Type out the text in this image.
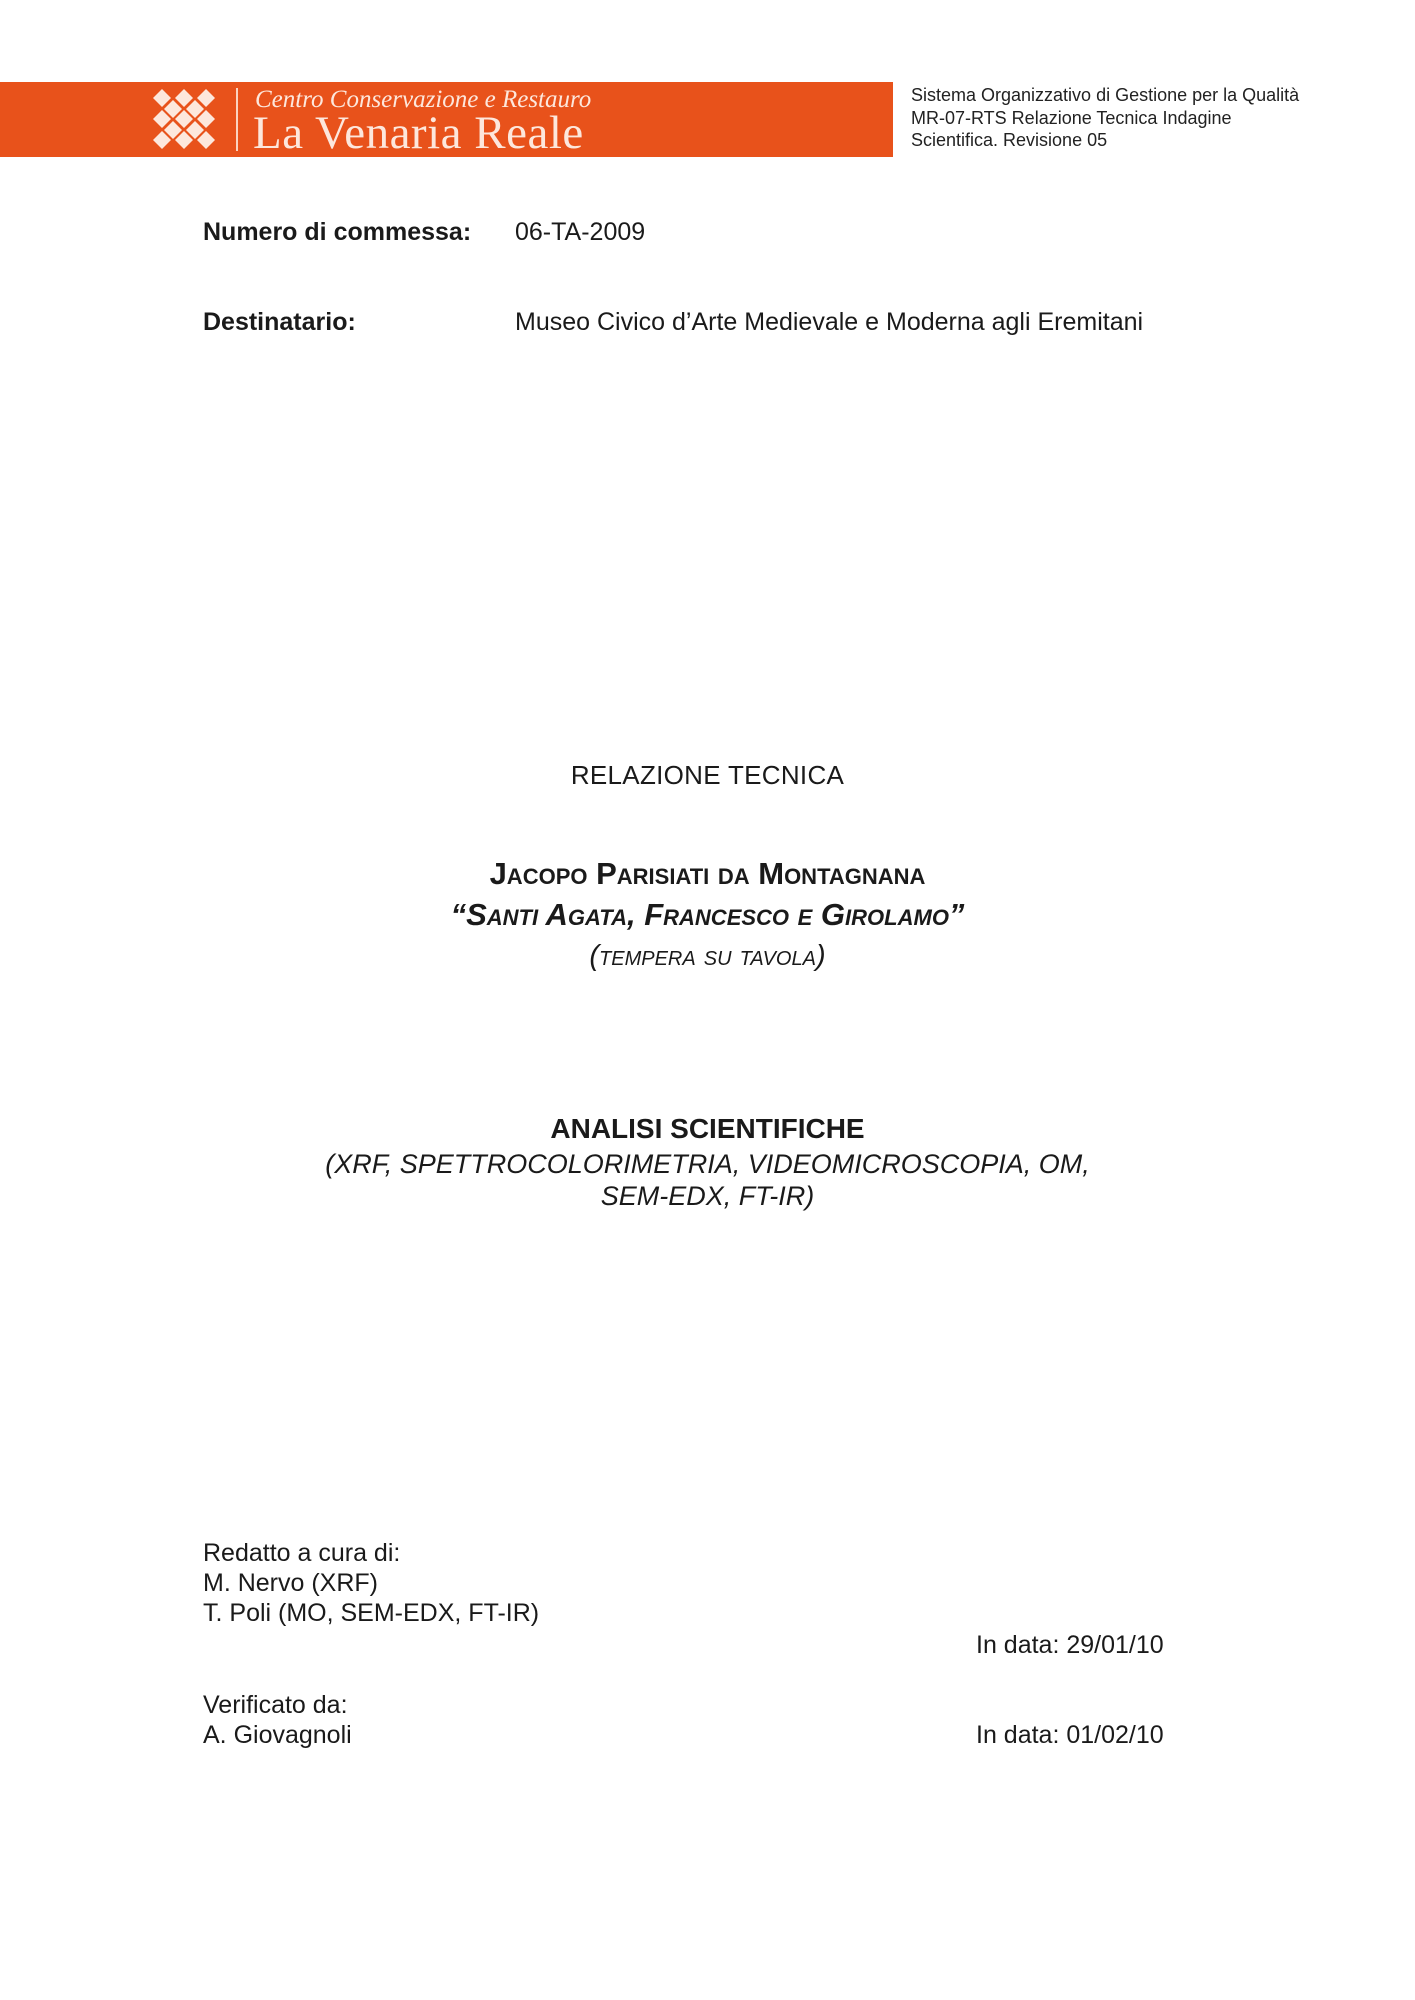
Centro Conservazione e Restauro
La Venaria Reale
Sistema Organizzativo di Gestione per la Qualità
MR-07-RTS Relazione Tecnica Indagine
Scientifica. Revisione 05
Numero di commessa: 06-TA-2009
Destinatario:	Museo Civico d’Arte Medievale e Moderna agli Eremitani
RELAZIONE TECNICA
Jacopo Parisiati da Montagnana
“Santi Agata, Francesco e Girolamo”
(tempera su tavola)
ANALISI SCIENTIFICHE
(XRF, SPETTROCOLORIMETRIA, VIDEOMICROSCOPIA, OM,
SEM-EDX, FT-IR)
Redatto a cura di:
M. Nervo (XRF)
T. Poli (MO, SEM-EDX, FT-IR)
In data: 29/01/10
Verificato da:
A. Giovagnoli	In data: 01/02/10
